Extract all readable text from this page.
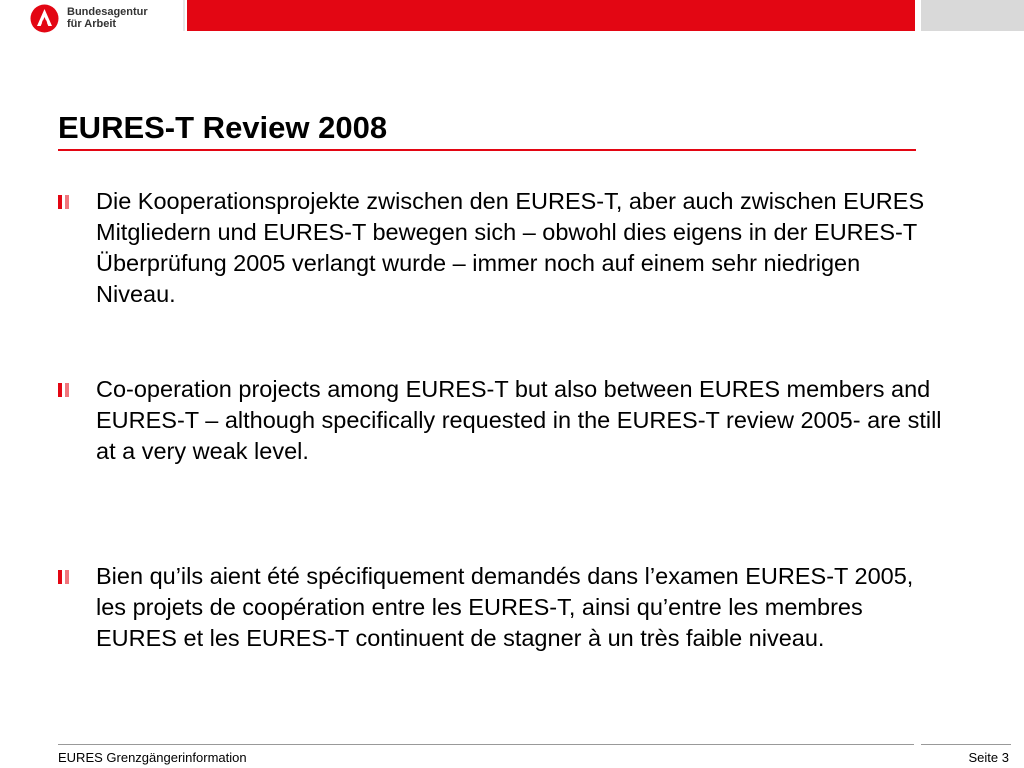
Bundesagentur
für Arbeit
EURES-T Review 2008
Die Kooperationsprojekte zwischen den EURES-T, aber auch zwischen EURES Mitgliedern und EURES-T bewegen sich – obwohl dies eigens in der EURES-T Überprüfung 2005 verlangt wurde – immer noch auf einem sehr niedrigen Niveau.
Co-operation projects among EURES-T but also between EURES members and EURES-T – although specifically requested in the EURES-T review 2005- are still at a very weak level.
Bien qu’ils aient été spécifiquement demandés dans l’examen EURES-T 2005, les projets de coopération entre les EURES-T, ainsi qu’entre les membres EURES et les EURES-T continuent de stagner à un très faible niveau.
EURES Grenzgängerinformation	Seite 3
